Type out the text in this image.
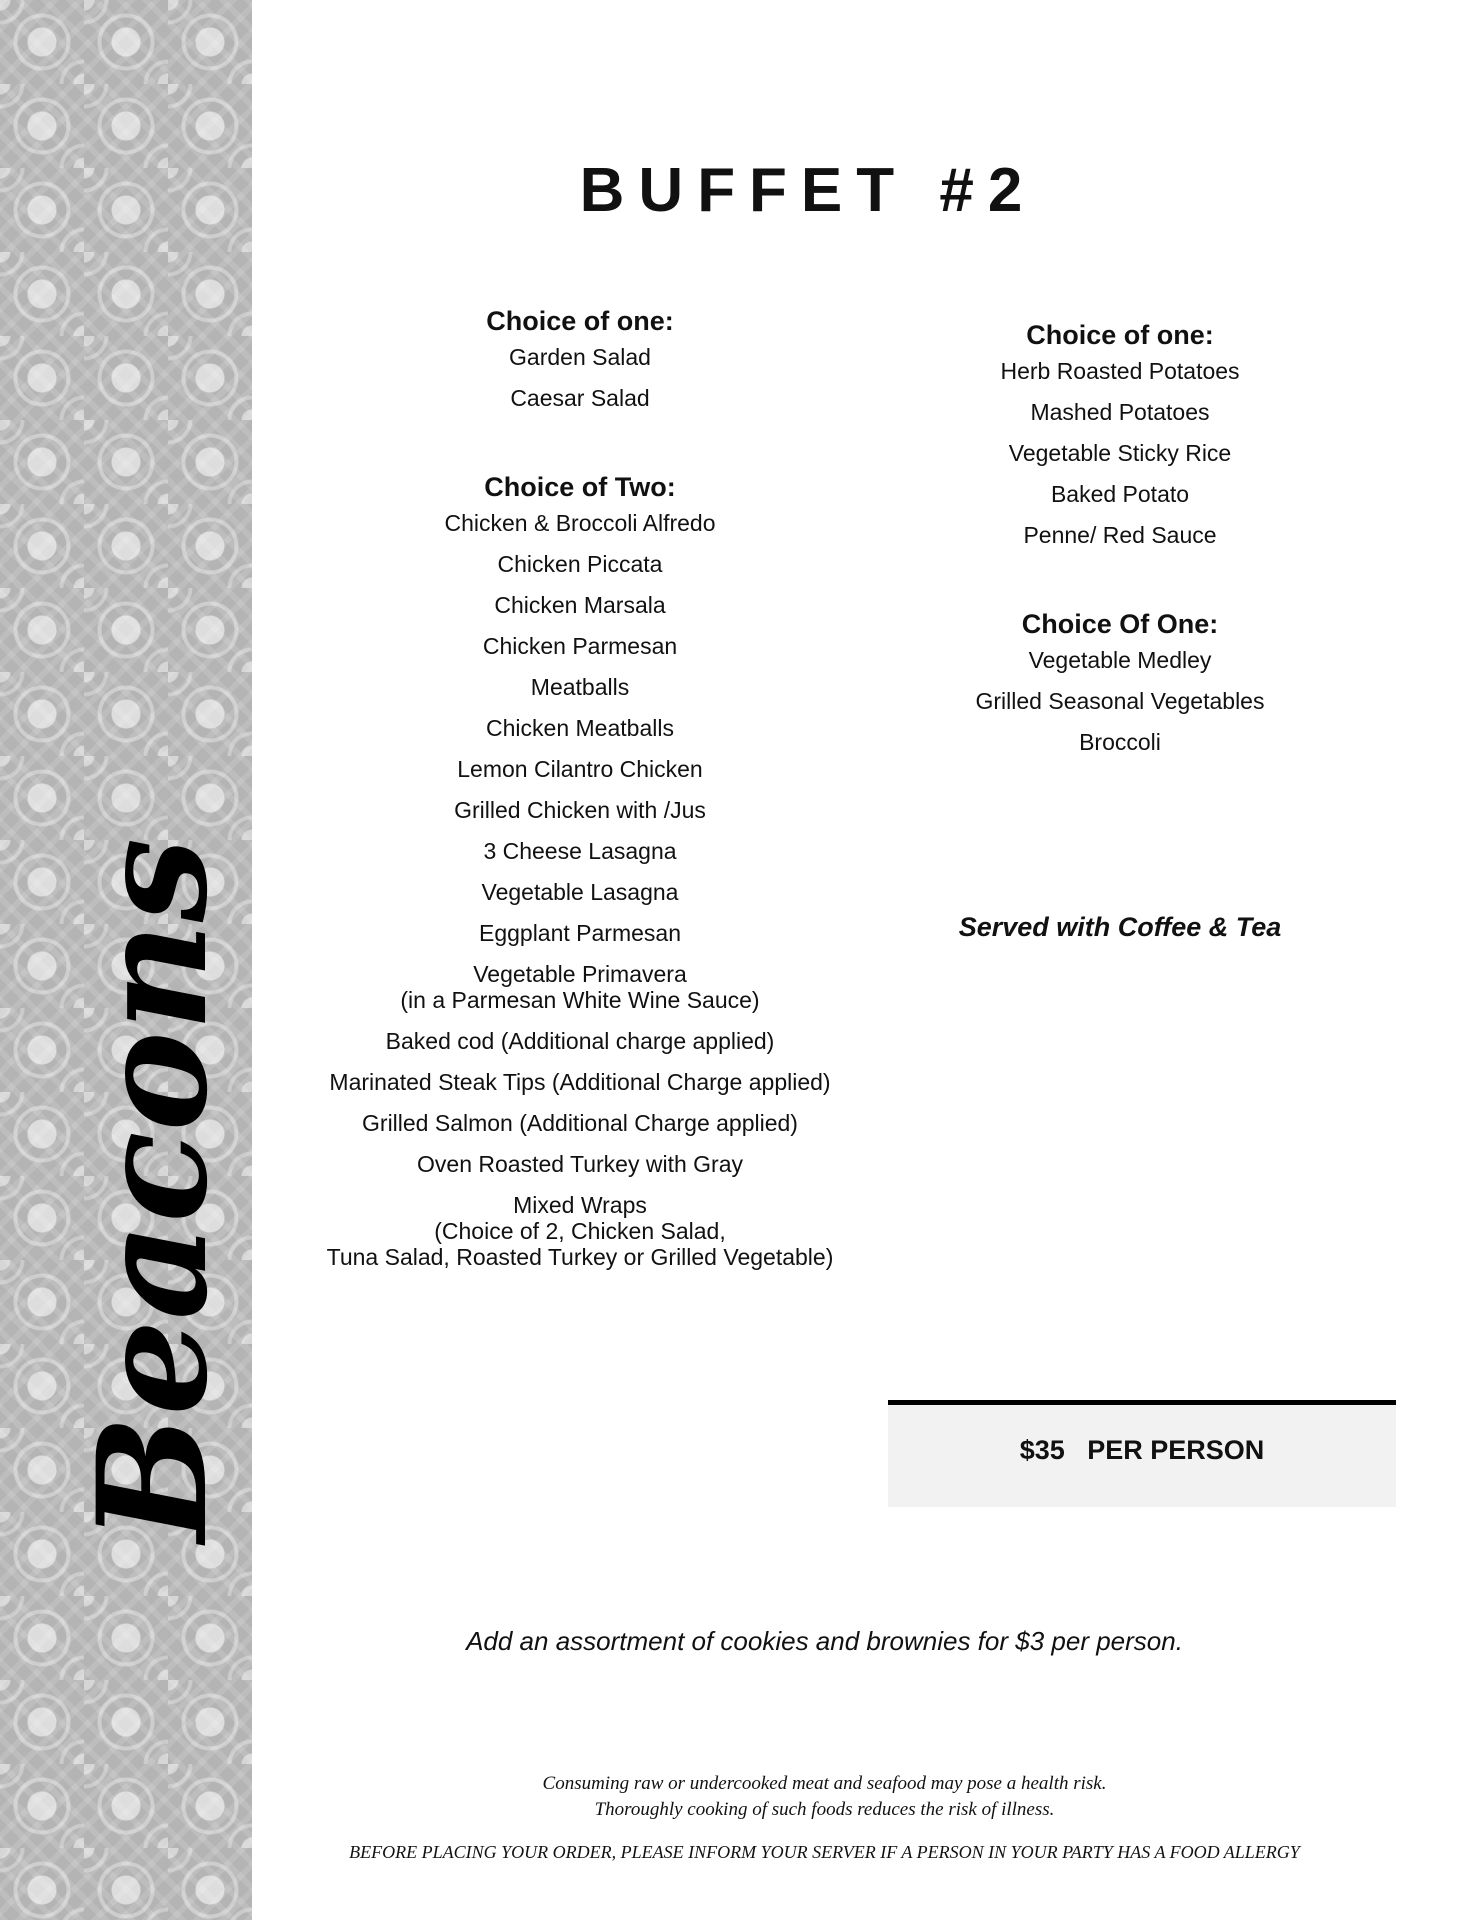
Beacons
BUFFET #2
Choice of one:
Garden Salad
Caesar Salad
Choice of Two:
Chicken & Broccoli Alfredo
Chicken Piccata
Chicken Marsala
Chicken Parmesan
Meatballs
Chicken Meatballs
Lemon Cilantro Chicken
Grilled Chicken with /Jus
3 Cheese Lasagna
Vegetable Lasagna
Eggplant Parmesan
Vegetable Primavera
(in a Parmesan White Wine Sauce)
Baked cod (Additional charge applied)
Marinated Steak Tips (Additional Charge applied)
Grilled Salmon (Additional Charge applied)
Oven Roasted Turkey with Gray
Mixed Wraps
(Choice of 2, Chicken Salad,
Tuna Salad, Roasted Turkey or Grilled Vegetable)
Choice of one:
Herb Roasted Potatoes
Mashed Potatoes
Vegetable Sticky Rice
Baked Potato
Penne/ Red Sauce
Choice Of One:
Vegetable Medley
Grilled Seasonal Vegetables
Broccoli
Served with Coffee & Tea
$35   PER PERSON
Add an assortment of cookies and brownies for $3 per person.
Consuming raw or undercooked meat and seafood may pose a health risk.
Thoroughly cooking of such foods reduces the risk of illness.
BEFORE PLACING YOUR ORDER, PLEASE INFORM YOUR SERVER IF A PERSON IN YOUR PARTY HAS A FOOD ALLERGY
